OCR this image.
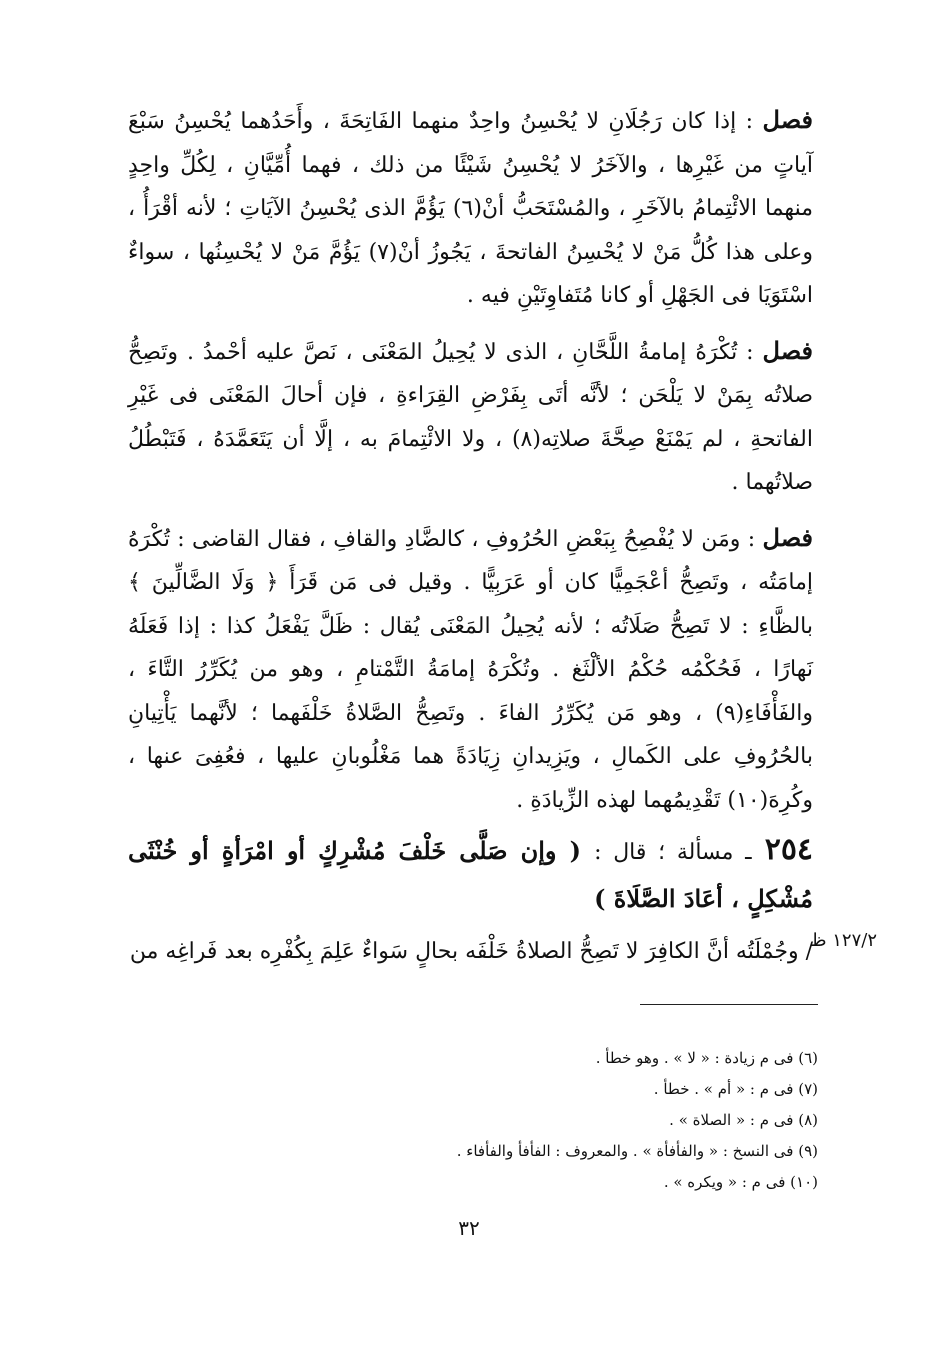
فصل : إذا كان رَجُلَانِ لا يُحْسِنُ واحِدٌ منهما الفَاتِحَةَ ، وأَحَدُهما يُحْسِنُ سَبْعَ آياتٍ من غَيْرِها ، والآخَرُ لا يُحْسِنُ شَيْئًا من ذلك ، فهما أُمِّيَّانِ ، لِكُلِّ واحِدٍ منهما الائْتِمامُ بالآخَرِ ، والمُسْتَحَبُّ أنْ(٦) يَؤُمَّ الذى يُحْسِنُ الآيَاتِ ؛ لأنه أقْرَأُ ، وعلى هذا كُلُّ مَنْ لا يُحْسِنُ الفاتحةَ ، يَجُوزُ أنْ(٧) يَؤُمَّ مَنْ لا يُحْسِنُها ، سواءٌ اسْتَوَيَا فى الجَهْلِ أو كانا مُتَفاوِتَيْنِ فيه .

فصل : تُكْرَهُ إمامةُ اللَّحَّانِ ، الذى لا يُحِيلُ المَعْنَى ، نَصَّ عليه أحْمدُ . وتَصِحُّ صلاتُه بِمَنْ لا يَلْحَن ؛ لأنَّه أتَى بِفَرْضِ القِرَاءةِ ، فإن أحالَ المَعْنَى فى غَيْرِ الفاتحةِ ، لم يَمْنَعْ صِحَّةَ صلاتِه(٨) ، ولا الائْتِمامَ به ، إلَّا أن يَتَعَمَّدَهُ ، فَتَبْطُلُ صلاتُهما .

فصل : ومَن لا يُفْصِحُ بِبَعْضِ الحُرُوفِ ، كالضَّادِ والقافِ ، فقال القاضى : تُكْرَهُ إمامَتُه ، وتَصِحُّ أعْجَمِيًّا كان أو عَرَبِيًّا . وقيل فى مَن قَرَأَ ﴿ وَلَا الضَّالِّينَ ﴾ بالظَّاءِ : لا تَصِحُّ صَلَاتُه ؛ لأنه يُحِيلُ المَعْنَى يُقال : ظَلَّ يَفْعَلُ كذا : إذا فَعَلَهُ نَهارًا ، فَحُكْمُه حُكْمُ الألْثَغ . وتُكْرَهُ إمامَةُ التَّمْتامِ ، وهو من يُكَرِّرُ التَّاءَ ، والفَأْفَاءِ(٩) ، وهو مَن يُكَرِّرُ الفاءَ . وتَصِحُّ الصَّلاةُ خَلْفَهما ؛ لأنَّهما يَأْتِيانِ بالحُرُوفِ على الكَمالِ ، ويَزِيدانِ زِيَادَةً هما مَغْلُوبانِ عليها ، فعُفِىَ عنها ، وكُرِهَ(١٠) تَقْدِيمُهما لهذه الزِّيادَةِ .

٢٥٤ ـ مسألة ؛ قال : ( وإن صَلَّى خَلْفَ مُشْرِكٍ أو امْرَأةٍ أو خُنْثَى مُشْكِلٍ ، أعَادَ الصَّلَاةَ )

/ وجُمْلَتُه أنَّ الكافِرَ لا تَصِحُّ الصلاةُ خَلْفَه بحالٍ سَواءٌ عَلِمَ بِكُفْرِه بعد فَراغِه من

١٢٧/٢ ظ

(٦) فى م زيادة : « لا » . وهو خطأ .

(٧) فى م : « أم » . خطأ .

(٨) فى م : « الصلاة » .

(٩) فى النسخ : « والفأفأة » . والمعروف : الفأفأ والفأفاء .

(١٠) فى م : « ويكره » .

٣٢
